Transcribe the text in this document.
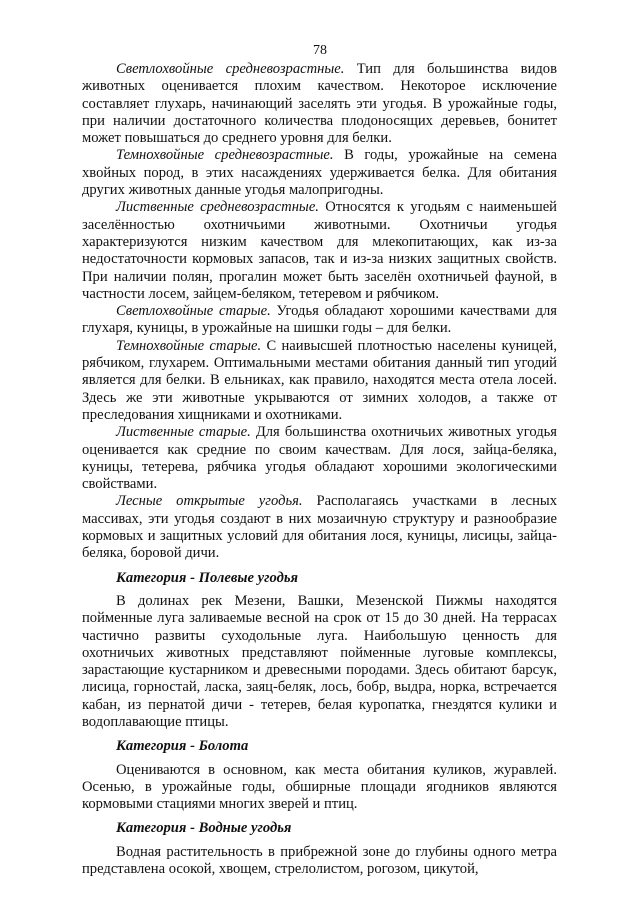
78

Светлохвойные средневозрастные. Тип для большинства видов животных оценивается плохим качеством. Некоторое исключение составляет глухарь, начинающий заселять эти угодья. В урожайные годы, при наличии достаточного количества плодоносящих деревьев, бонитет может повышаться до среднего уровня для белки.

Темнохвойные средневозрастные. В годы, урожайные на семена хвойных пород, в этих насаждениях удерживается белка. Для обитания других животных данные угодья малопригодны.

Лиственные средневозрастные. Относятся к угодьям с наименьшей заселённостью охотничьими животными. Охотничьи угодья характеризуются низким качеством для млекопитающих, как из-за недостаточности кормовых запасов, так и из-за низких защитных свойств. При наличии полян, прогалин может быть заселён охотничьей фауной, в частности лосем, зайцем-беляком, тетеревом и рябчиком.

Светлохвойные старые. Угодья обладают хорошими качествами для глухаря, куницы, в урожайные на шишки годы – для белки.

Темнохвойные старые. С наивысшей плотностью населены куницей, рябчиком, глухарем. Оптимальными местами обитания данный тип угодий является для белки. В ельниках, как правило, находятся места отела лосей. Здесь же эти животные укрываются от зимних холодов, а также от преследования хищниками и охотниками.

Лиственные старые. Для большинства охотничьих животных угодья оценивается как средние по своим качествам. Для лося, зайца-беляка, куницы, тетерева, рябчика угодья обладают хорошими экологическими свойствами.

Лесные открытые угодья. Располагаясь участками в лесных массивах, эти угодья создают в них мозаичную структуру и разнообразие кормовых и защитных условий для обитания лося, куницы, лисицы, зайца-беляка, боровой дичи.

Категория - Полевые угодья

В долинах рек Мезени, Вашки, Мезенской Пижмы находятся пойменные луга заливаемые весной на срок от 15 до 30 дней. На террасах частично развиты суходольные луга. Наибольшую ценность для охотничьих животных представляют пойменные луговые комплексы, зарастающие кустарником и древесными породами. Здесь обитают барсук, лисица, горностай, ласка, заяц-беляк, лось, бобр, выдра, норка, встречается кабан, из пернатой дичи - тетерев, белая куропатка, гнездятся кулики и водоплавающие птицы.

Категория - Болота

Оцениваются в основном, как места обитания куликов, журавлей. Осенью, в урожайные годы, обширные площади ягодников являются кормовыми стациями многих зверей и птиц.

Категория - Водные угодья

Водная растительность в прибрежной зоне до глубины одного метра представлена осокой, хвощем, стрелолистом, рогозом, цикутой,
